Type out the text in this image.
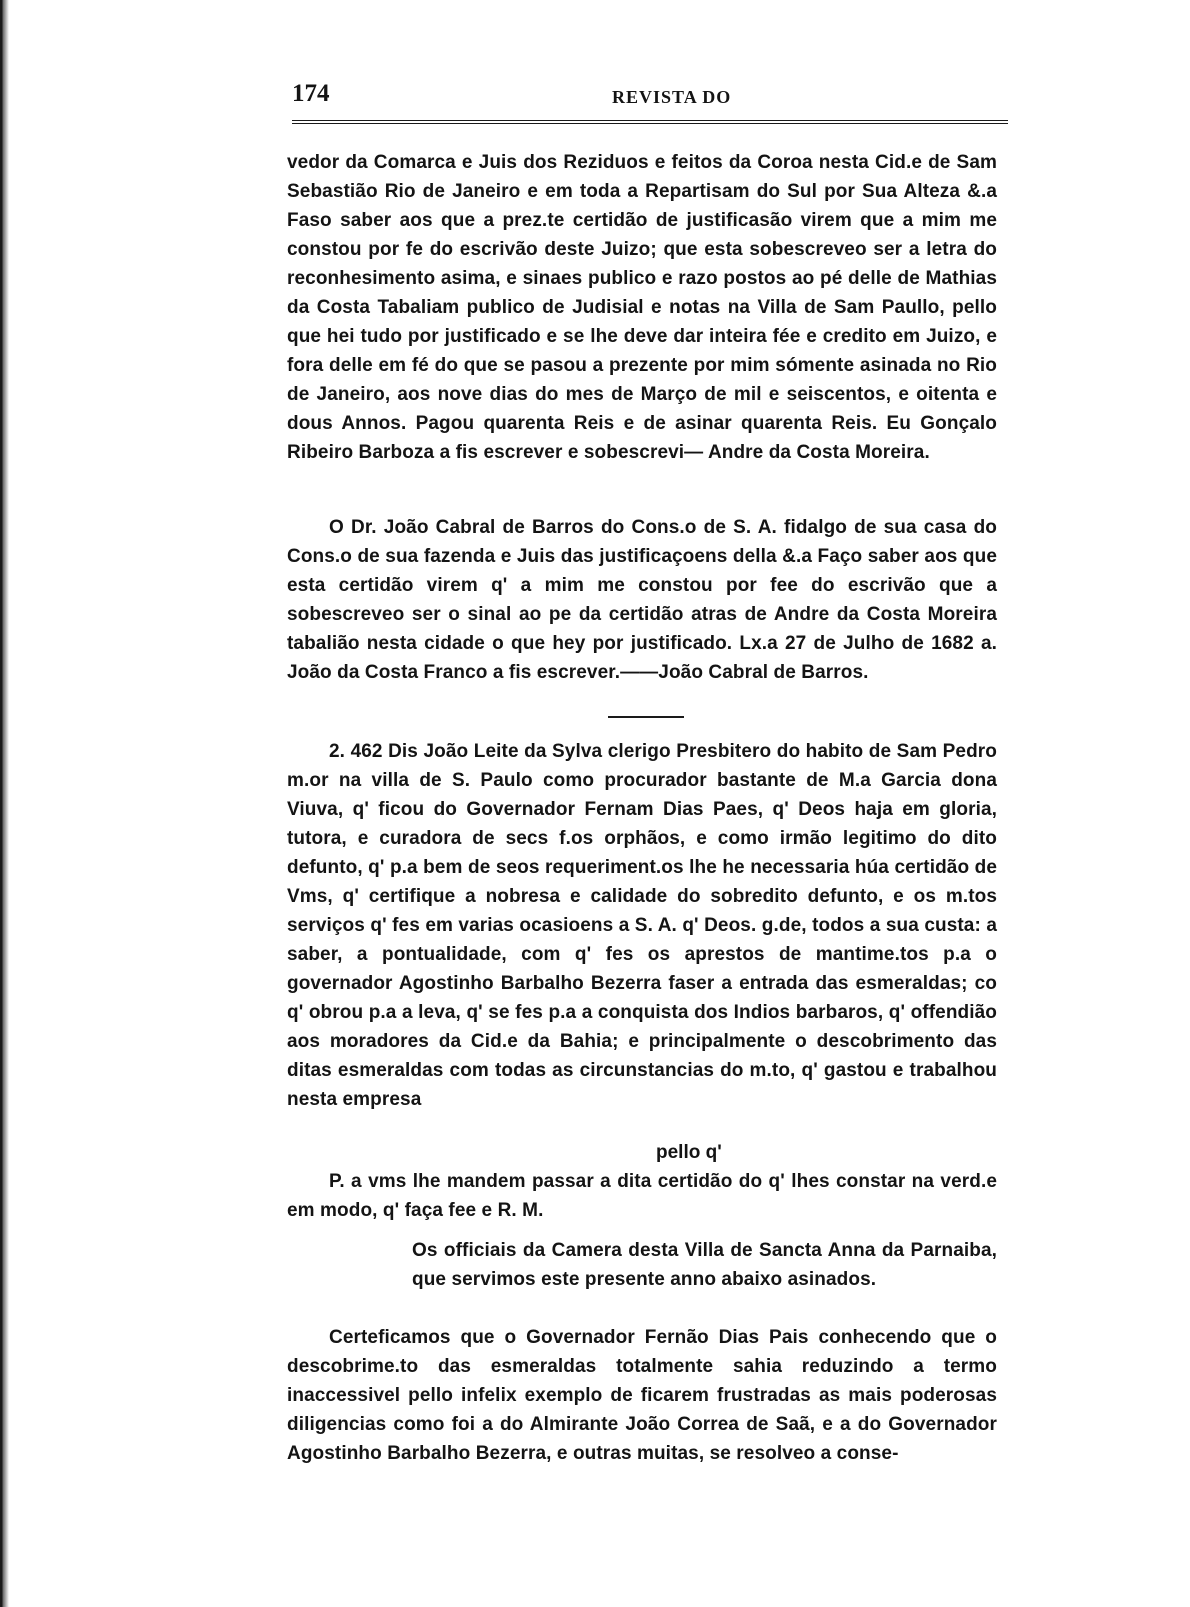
174	REVISTA DO

vedor da Comarca e Juis dos Reziduos e feitos da Coroa nesta Cid.e de Sam Sebastião Rio de Janeiro e em toda a Repartisam do Sul por Sua Alteza &.a Faso saber aos que a prez.te certidão de justificasão virem que a mim me constou por fe do escrivão deste Juizo; que esta sobescreveo ser a letra do reconhesimento asima, e sinaes publico e razo postos ao pé delle de Mathias da Costa Tabaliam publico de Judisial e notas na Villa de Sam Paullo, pello que hei tudo por justificado e se lhe deve dar inteira fée e credito em Juizo, e fora delle em fé do que se pasou a prezente por mim sómente asinada no Rio de Janeiro, aos nove dias do mes de Março de mil e seiscentos, e oitenta e dous Annos. Pagou quarenta Reis e de asinar quarenta Reis. Eu Gonçalo Ribeiro Barboza a fis escrever e sobescrevi— Andre da Costa Moreira.

O Dr. João Cabral de Barros do Cons.o de S. A. fidalgo de sua casa do Cons.o de sua fazenda e Juis das justificaçoens della &.a Faço saber aos que esta certidão virem q' a mim me constou por fee do escrivão que a sobescreveo ser o sinal ao pe da certidão atras de Andre da Costa Moreira tabalião nesta cidade o que hey por justificado. Lx.a 27 de Julho de 1682 a. João da Costa Franco a fis escrever.——João Cabral de Barros.

2. 462 Dis João Leite da Sylva clerigo Presbitero do habito de Sam Pedro m.or na villa de S. Paulo como procurador bastante de M.a Garcia dona Viuva, q' ficou do Governador Fernam Dias Paes, q' Deos haja em gloria, tutora, e curadora de secs f.os orphãos, e como irmão legitimo do dito defunto, q' p.a bem de seos requeriment.os lhe he necessaria húa certidão de Vms, q' certifique a nobresa e calidade do sobredito defunto, e os m.tos serviços q' fes em varias ocasioens a S. A. q' Deos. g.de, todos a sua custa: a saber, a pontualidade, com q' fes os aprestos de mantime.tos p.a o governador Agostinho Barbalho Bezerra faser a entrada das esmeraldas; co q' obrou p.a a leva, q' se fes p.a a conquista dos Indios barbaros, q' offendião aos moradores da Cid.e da Bahia; e principalmente o descobrimento das ditas esmeraldas com todas as circunstancias do m.to, q' gastou e trabalhou nesta empresa

pello q'

P. a vms lhe mandem passar a dita certidão do q' lhes constar na verd.e em modo, q' faça fee e R. M.

Os officiais da Camera desta Villa de Sancta Anna da Parnaiba, que servimos este presente anno abaixo asinados.

Certeficamos que o Governador Fernão Dias Pais conhecendo que o descobrime.to das esmeraldas totalmente sahia reduzindo a termo inaccessivel pello infelix exemplo de ficarem frustradas as mais poderosas diligencias como foi a do Almirante João Correa de Saã, e a do Governador Agostinho Barbalho Bezerra, e outras muitas, se resolveo a conse-
